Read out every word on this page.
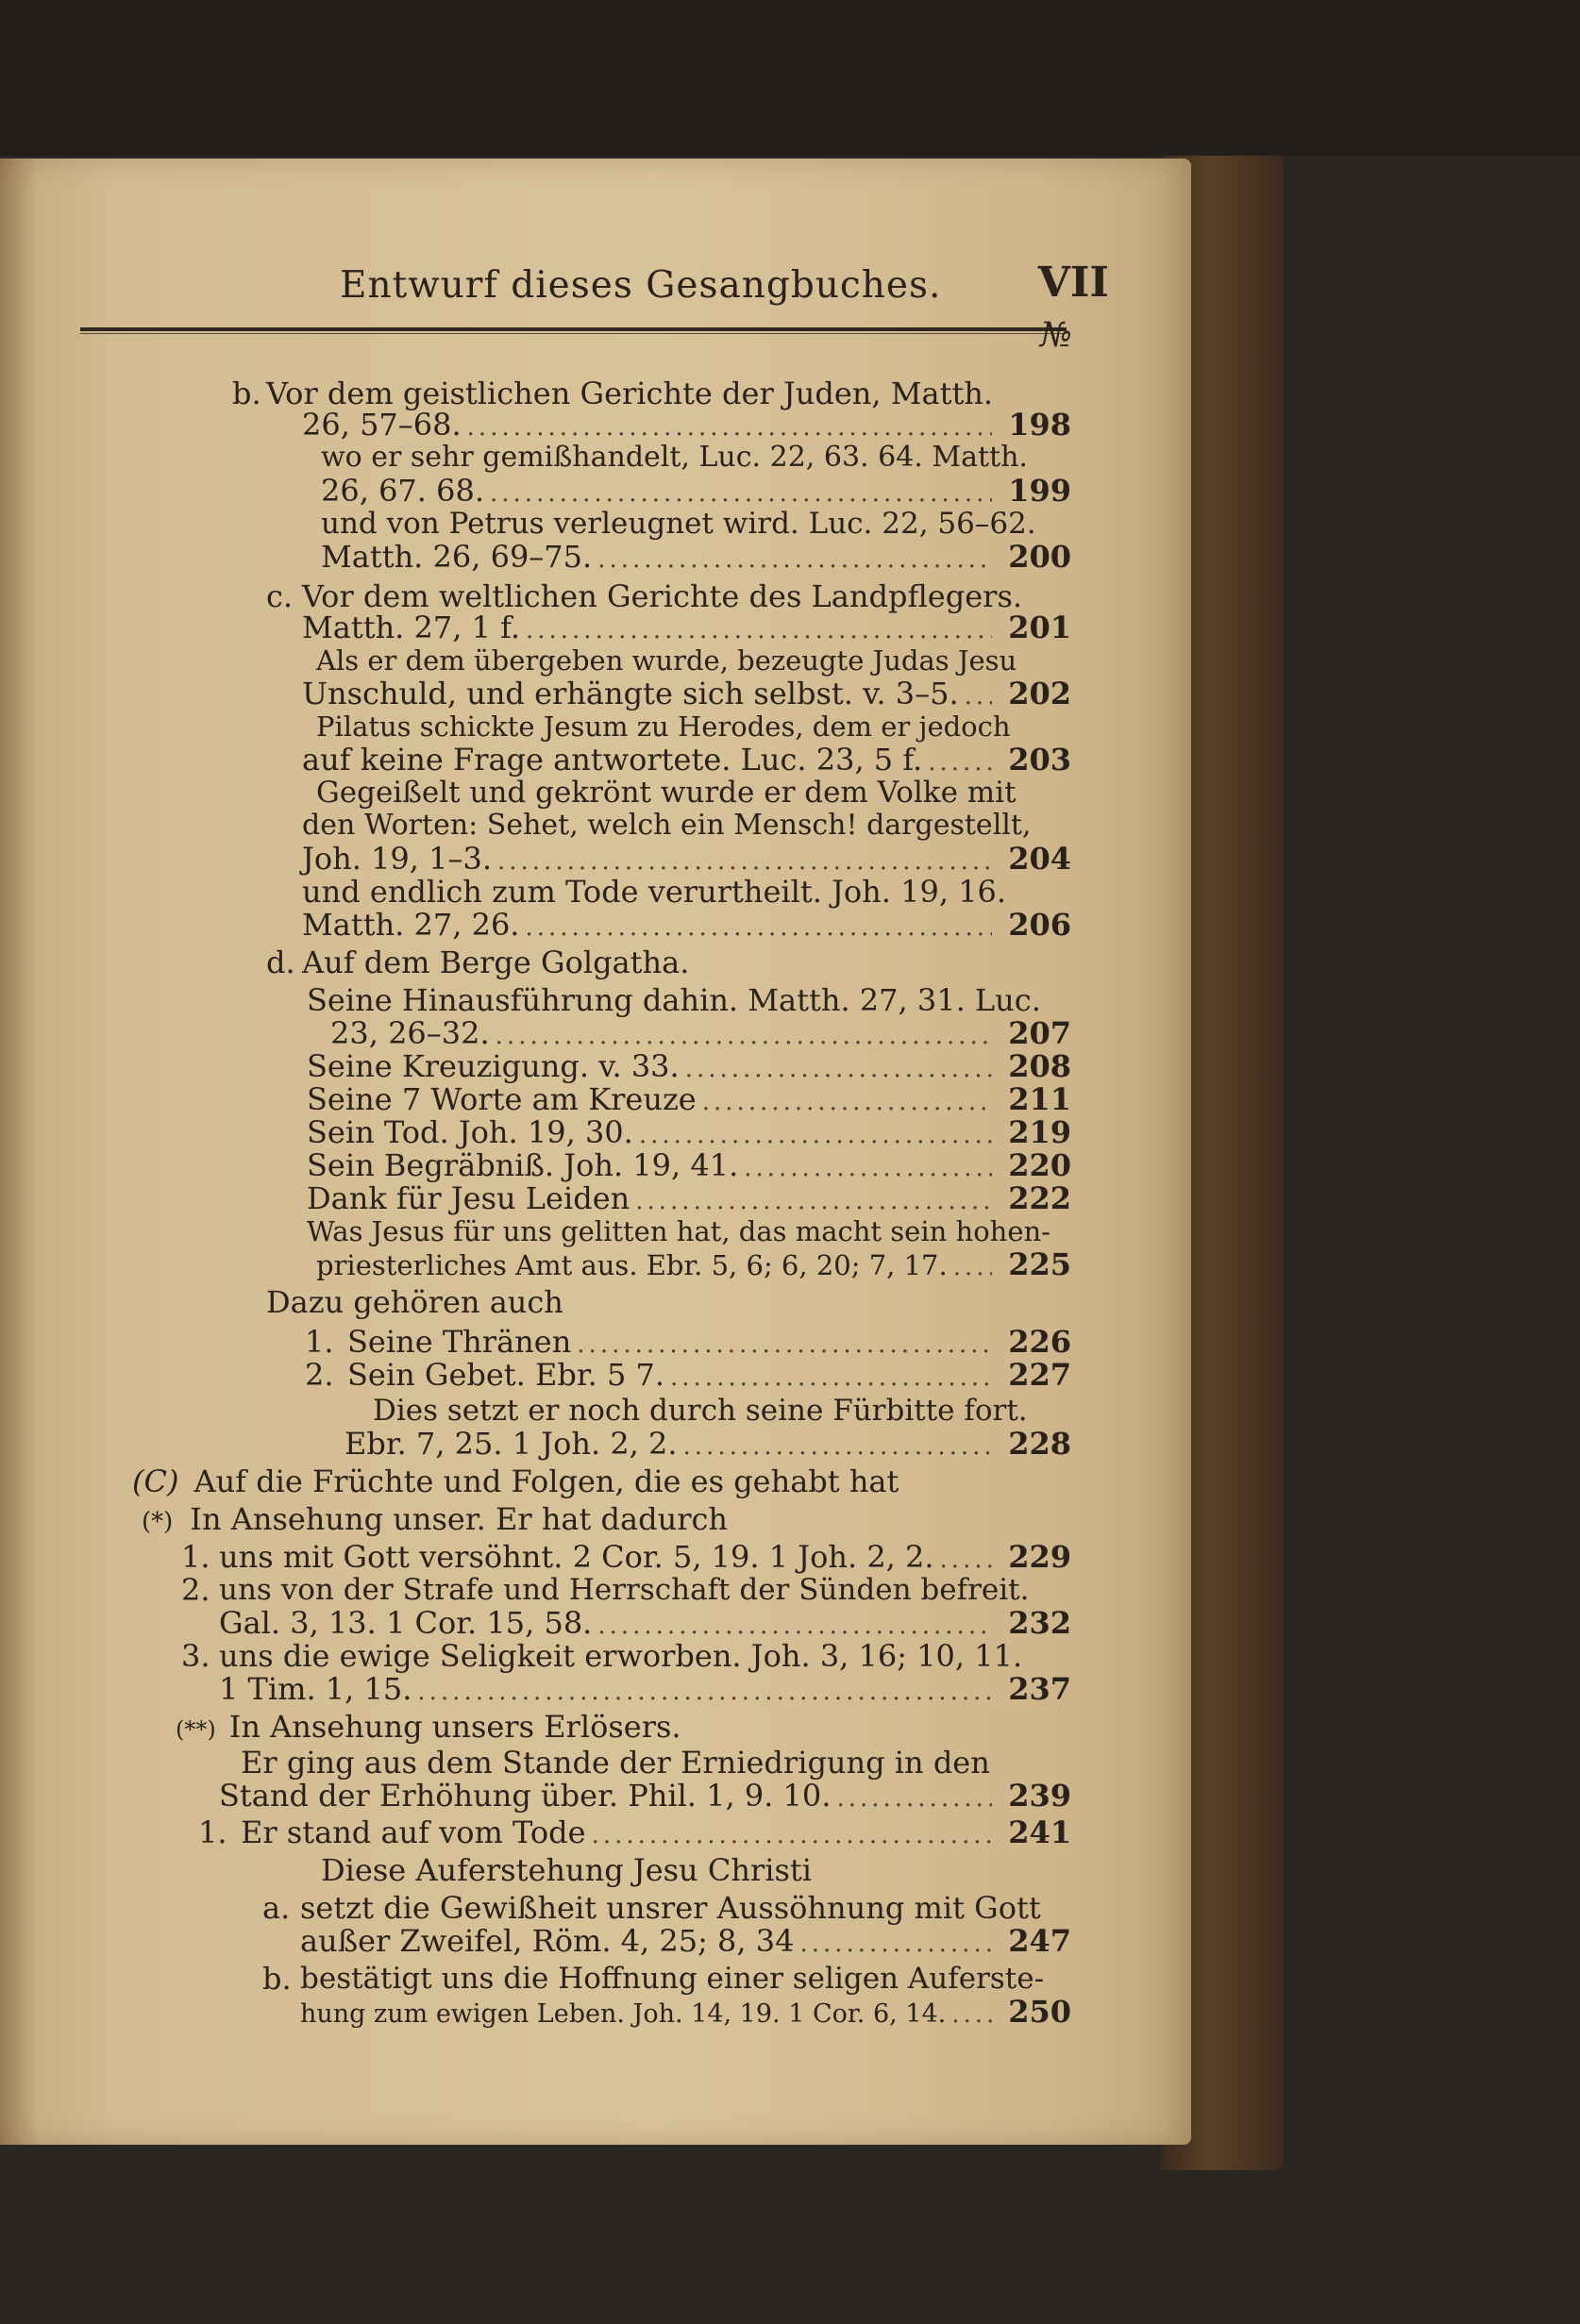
Entwurf dieses Gesangbuches.	VII
№
b. Vor dem geistlichen Gerichte der Juden, Matth.
26, 57–68. .....	198
wo er sehr gemißhandelt, Luc. 22, 63. 64. Matth.
26, 67. 68. .....	199
und von Petrus verleugnet wird. Luc. 22, 56–62.
Matth. 26, 69–75. .....	200
c. Vor dem weltlichen Gerichte des Landpflegers.
Matth. 27, 1 f. .....	201
Als er dem übergeben wurde, bezeugte Judas Jesu
Unschuld, und erhängte sich selbst. v. 3–5. .....	202
Pilatus schickte Jesum zu Herodes, dem er jedoch
auf keine Frage antwortete. Luc. 23, 5 f. .....	203
Gegeißelt und gekrönt wurde er dem Volke mit
den Worten: Sehet, welch ein Mensch! dargestellt,
Joh. 19, 1–3. .....	204
und endlich zum Tode verurtheilt. Joh. 19, 16.
Matth. 27, 26. .....	206
d. Auf dem Berge Golgatha.
Seine Hinausführung dahin. Matth. 27, 31. Luc.
23, 26–32. .....	207
Seine Kreuzigung. v. 33. .....	208
Seine 7 Worte am Kreuze .....	211
Sein Tod. Joh. 19, 30. .....	219
Sein Begräbniß. Joh. 19, 41. .....	220
Dank für Jesu Leiden .....	222
Was Jesus für uns gelitten hat, das macht sein hohen-
priesterliches Amt aus. Ebr. 5, 6; 6, 20; 7, 17. .....	225
Dazu gehören auch
1. Seine Thränen .....	226
2. Sein Gebet. Ebr. 5 7. .....	227
Dies setzt er noch durch seine Fürbitte fort.
Ebr. 7, 25. 1 Joh. 2, 2. .....	228
(C) Auf die Früchte und Folgen, die es gehabt hat
(*) In Ansehung unser. Er hat dadurch
1. uns mit Gott versöhnt. 2 Cor. 5, 19. 1 Joh. 2, 2. .....	229
2. uns von der Strafe und Herrschaft der Sünden befreit.
Gal. 3, 13. 1 Cor. 15, 58. .....	232
3. uns die ewige Seligkeit erworben. Joh. 3, 16; 10, 11.
1 Tim. 1, 15. .....	237
(**) In Ansehung unsers Erlösers.
Er ging aus dem Stande der Erniedrigung in den
Stand der Erhöhung über. Phil. 1, 9. 10. .....	239
1. Er stand auf vom Tode .....	241
Diese Auferstehung Jesu Christi
a. setzt die Gewißheit unsrer Aussöhnung mit Gott
außer Zweifel, Röm. 4, 25; 8, 34 .....	247
b. bestätigt uns die Hoffnung einer seligen Auferste-
hung zum ewigen Leben. Joh. 14, 19. 1 Cor. 6, 14. .....	250
